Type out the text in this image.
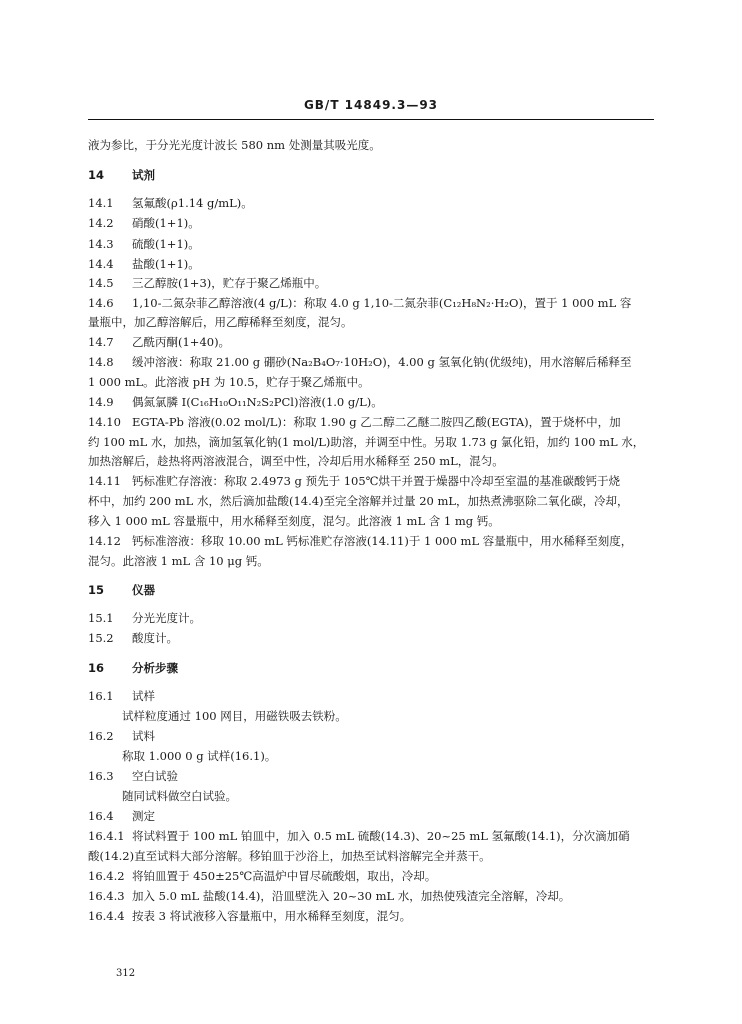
GB/T 14849.3—93
液为参比，于分光光度计波长 580 nm 处测量其吸光度。
14 试剂
14.1 氢氟酸(ρ1.14 g/mL)。
14.2 硝酸(1+1)。
14.3 硫酸(1+1)。
14.4 盐酸(1+1)。
14.5 三乙醇胺(1+3)，贮存于聚乙烯瓶中。
14.6 1,10-二氮杂菲乙醇溶液(4 g/L)：称取 4.0 g 1,10-二氮杂菲(C₁₂H₈N₂·H₂O)，置于 1 000 mL 容
量瓶中，加乙醇溶解后，用乙醇稀释至刻度，混匀。
14.7 乙酰丙酮(1+40)。
14.8 缓冲溶液：称取 21.00 g 硼砂(Na₂B₄O₇·10H₂O)，4.00 g 氢氧化钠(优级纯)，用水溶解后稀释至
1 000 mL。此溶液 pH 为 10.5，贮存于聚乙烯瓶中。
14.9 偶氮氯膦 I(C₁₆H₁₀O₁₁N₂S₂PCl)溶液(1.0 g/L)。
14.10 EGTA-Pb 溶液(0.02 mol/L)：称取 1.90 g 乙二醇二乙醚二胺四乙酸(EGTA)，置于烧杯中，加
约 100 mL 水，加热，滴加氢氧化钠(1 mol/L)助溶，并调至中性。另取 1.73 g 氯化铅，加约 100 mL 水，
加热溶解后，趁热将两溶液混合，调至中性，冷却后用水稀释至 250 mL，混匀。
14.11 钙标准贮存溶液：称取 2.4973 g 预先于 105℃烘干并置于燥器中冷却至室温的基准碳酸钙于烧
杯中，加约 200 mL 水，然后滴加盐酸(14.4)至完全溶解并过量 20 mL，加热煮沸驱除二氧化碳，冷却，
移入 1 000 mL 容量瓶中，用水稀释至刻度，混匀。此溶液 1 mL 含 1 mg 钙。
14.12 钙标准溶液：移取 10.00 mL 钙标准贮存溶液(14.11)于 1 000 mL 容量瓶中，用水稀释至刻度，
混匀。此溶液 1 mL 含 10 μg 钙。
15 仪器
15.1 分光光度计。
15.2 酸度计。
16 分析步骤
16.1 试样
试样粒度通过 100 网目，用磁铁吸去铁粉。
16.2 试料
称取 1.000 0 g 试样(16.1)。
16.3 空白试验
随同试料做空白试验。
16.4 测定
16.4.1 将试料置于 100 mL 铂皿中，加入 0.5 mL 硫酸(14.3)、20~25 mL 氢氟酸(14.1)，分次滴加硝
酸(14.2)直至试料大部分溶解。移铂皿于沙浴上，加热至试料溶解完全并蒸干。
16.4.2 将铂皿置于 450±25℃高温炉中冒尽硫酸烟，取出，冷却。
16.4.3 加入 5.0 mL 盐酸(14.4)，沿皿壁洗入 20~30 mL 水，加热使残渣完全溶解，冷却。
16.4.4 按表 3 将试液移入容量瓶中，用水稀释至刻度，混匀。
312
